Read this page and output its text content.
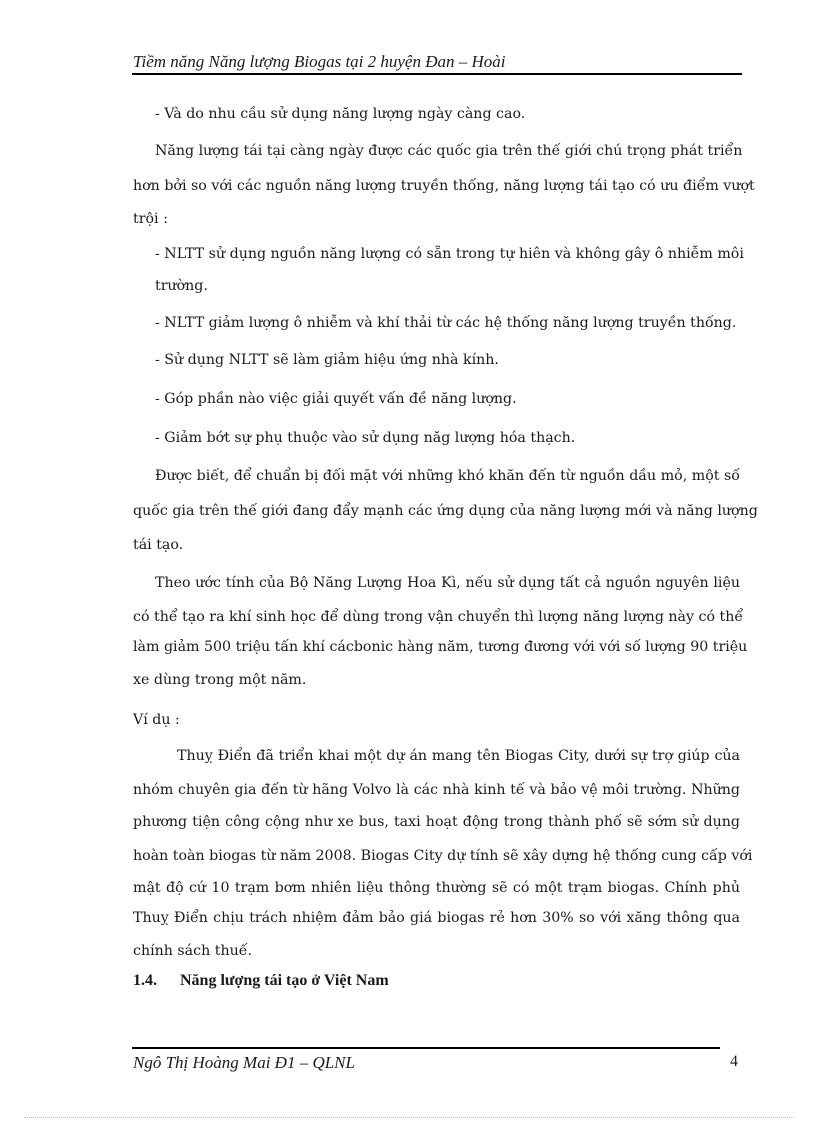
Tiềm năng Năng lượng Biogas tại 2 huyện Đan – Hoài
- Và do nhu cầu sử dụng năng lượng ngày càng cao.
Năng lượng tái tại càng ngày được các quốc gia trên thế giới chú trọng phát triển
hơn bởi so với các nguồn năng lượng truyền thống, năng lượng tái tạo có ưu điểm vượt
trội :
- NLTT sử dụng nguồn năng lượng có sẵn trong tự hiên và không gây ô nhiễm môi
trường.
- NLTT giảm lượng ô nhiễm và khí thải từ các hệ thống năng lượng truyền thống.
- Sử dụng NLTT sẽ làm giảm hiệu ứng nhà kính.
- Góp phần nào việc giải quyết vấn đề năng lượng.
- Giảm bớt sự phụ thuộc vào sử dụng năg lượng hóa thạch.
Được biết, để chuẩn bị đối mặt với những khó khăn đến từ nguồn dầu mỏ, một số
quốc gia trên thế giới đang đẩy mạnh các ứng dụng của năng lượng mới và năng lượng
tái tạo.
Theo ước tính của Bộ Năng Lượng Hoa Kì, nếu sử dụng tất cả nguồn nguyên liệu
có thể tạo ra khí sinh học để dùng trong vận chuyển thì lượng năng lượng này có thể
làm giảm 500 triệu tấn khí cácbonic hàng năm, tương đương với với số lượng 90 triệu
xe dùng trong một năm.
Ví dụ :
Thuỵ Điển đã triển khai một dự án mang tên Biogas City, dưới sự trợ giúp của
nhóm chuyên gia đến từ hãng Volvo là các nhà kinh tế và bảo vệ môi trường. Những
phương tiện công cộng như xe bus, taxi hoạt động trong thành phố sẽ sớm sử dụng
hoàn toàn biogas từ năm 2008. Biogas City dự tính sẽ xây dựng hệ thống cung cấp với
mật độ cứ 10 trạm bơm nhiên liệu thông thường sẽ có một trạm biogas. Chính phủ
Thuỵ Điển chịu trách nhiệm đảm bảo giá biogas rẻ hơn 30% so với xăng thông qua
chính sách thuế.
1.4. Năng lượng tái tạo ở Việt Nam
Ngô Thị Hoàng Mai Đ1 – QLNL	4
